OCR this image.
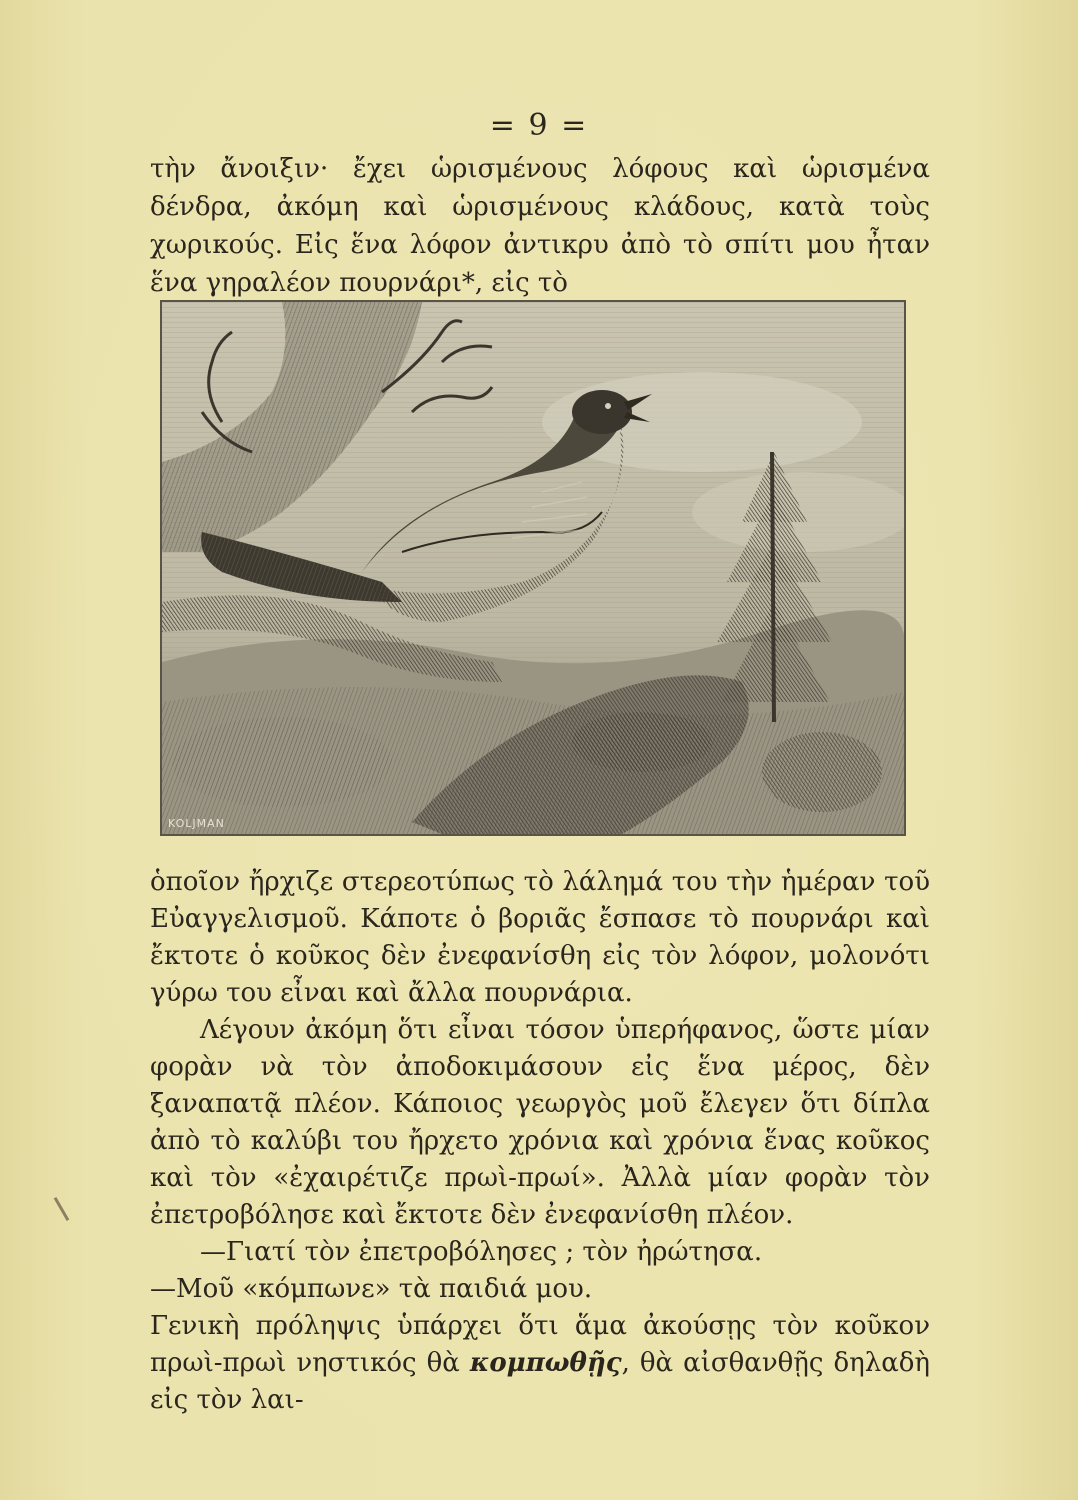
= 9 =

τὴν ἄνοιξιν· ἔχει ὡρισμένους λόφους καὶ ὡρισμένα δένδρα, ἀκόμη καὶ ὡρισμένους κλάδους, κατὰ τοὺς χωρικούς. Εἰς ἕνα λόφον ἀντικρυ ἀπὸ τὸ σπίτι μου ἦταν ἕνα γηραλέον πουρνάρι*, εἰς τὸ

KOLJMAN

ὁποῖον ἤρχιζε στερεοτύπως τὸ λάλημά του τὴν ἡμέραν τοῦ Εὐαγγελισμοῦ. Κάποτε ὁ βοριᾶς ἔσπασε τὸ πουρνάρι καὶ ἔκτοτε ὁ κοῦκος δὲν ἐνεφανίσθη εἰς τὸν λόφον, μολονότι γύρω του εἶναι καὶ ἄλλα πουρνάρια.

Λέγουν ἀκόμη ὅτι εἶναι τόσον ὑπερήφανος, ὥστε μίαν φορὰν νὰ τὸν ἀποδοκιμάσουν εἰς ἕνα μέρος, δὲν ξαναπατᾷ πλέον. Κάποιος γεωργὸς μοῦ ἔλεγεν ὅτι δίπλα ἀπὸ τὸ καλύβι του ἤρχετο χρόνια καὶ χρόνια ἕνας κοῦκος καὶ τὸν «ἐχαιρέτιζε πρωὶ-πρωί». Ἀλλὰ μίαν φορὰν τὸν ἐπετροβόλησε καὶ ἔκτοτε δὲν ἐνεφανίσθη πλέον.

—Γιατί τὸν ἐπετροβόλησες ; τὸν ἠρώτησα.

—Μοῦ «κόμπωνε» τὰ παιδιά μου.

Γενικὴ πρόληψις ὑπάρχει ὅτι ἅμα ἀκούσῃς τὸν κοῦκον πρωὶ-πρωὶ νηστικός θὰ κομπωθῇς, θὰ αἰσθανθῇς δηλαδὴ εἰς τὸν λαι-
